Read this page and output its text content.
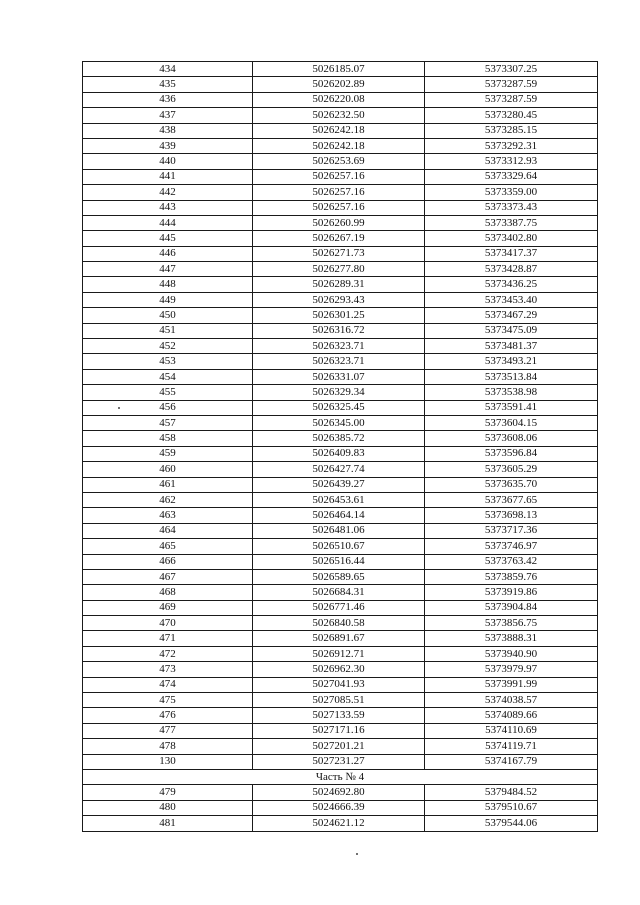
434	5026185.07	5373307.25
435	5026202.89	5373287.59
436	5026220.08	5373287.59
437	5026232.50	5373280.45
438	5026242.18	5373285.15
439	5026242.18	5373292.31
440	5026253.69	5373312.93
441	5026257.16	5373329.64
442	5026257.16	5373359.00
443	5026257.16	5373373.43
444	5026260.99	5373387.75
445	5026267.19	5373402.80
446	5026271.73	5373417.37
447	5026277.80	5373428.87
448	5026289.31	5373436.25
449	5026293.43	5373453.40
450	5026301.25	5373467.29
451	5026316.72	5373475.09
452	5026323.71	5373481.37
453	5026323.71	5373493.21
454	5026331.07	5373513.84
455	5026329.34	5373538.98
456	5026325.45	5373591.41
457	5026345.00	5373604.15
458	5026385.72	5373608.06
459	5026409.83	5373596.84
460	5026427.74	5373605.29
461	5026439.27	5373635.70
462	5026453.61	5373677.65
463	5026464.14	5373698.13
464	5026481.06	5373717.36
465	5026510.67	5373746.97
466	5026516.44	5373763.42
467	5026589.65	5373859.76
468	5026684.31	5373919.86
469	5026771.46	5373904.84
470	5026840.58	5373856.75
471	5026891.67	5373888.31
472	5026912.71	5373940.90
473	5026962.30	5373979.97
474	5027041.93	5373991.99
475	5027085.51	5374038.57
476	5027133.59	5374089.66
477	5027171.16	5374110.69
478	5027201.21	5374119.71
130	5027231.27	5374167.79
Часть № 4		
479	5024692.80	5379484.52
480	5024666.39	5379510.67
481	5024621.12	5379544.06
